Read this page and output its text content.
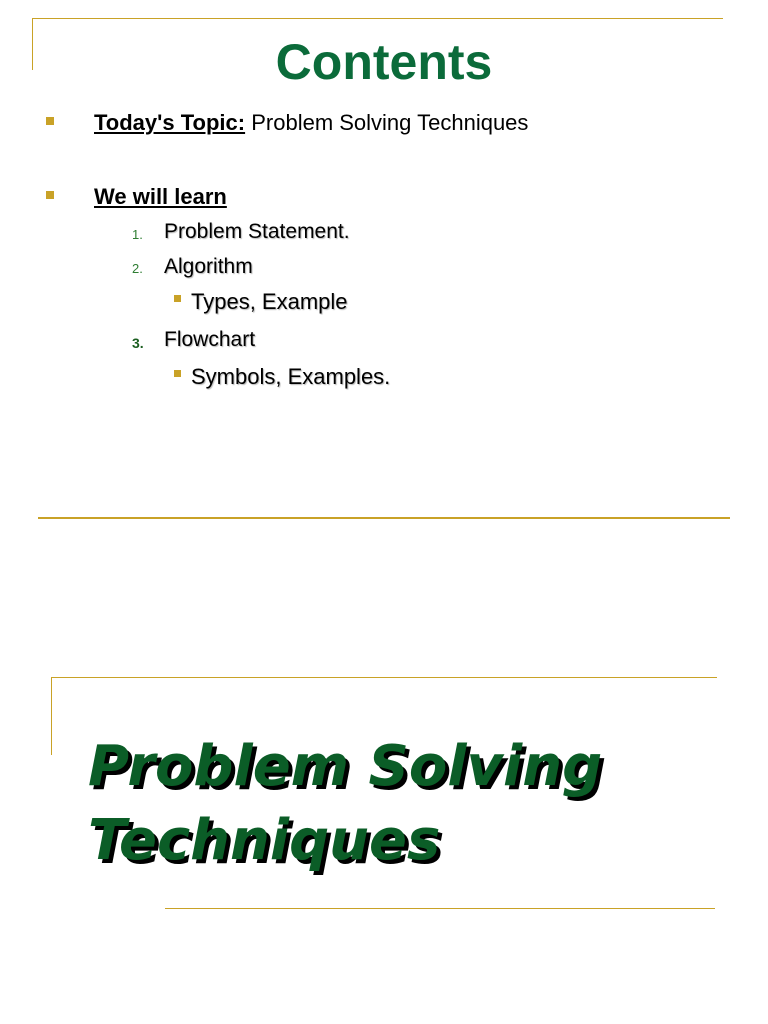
Contents
Today's Topic: Problem Solving Techniques
We will learn
1. Problem Statement.
2. Algorithm
Types, Example
3. Flowchart
Symbols, Examples.
Problem Solving
Techniques
